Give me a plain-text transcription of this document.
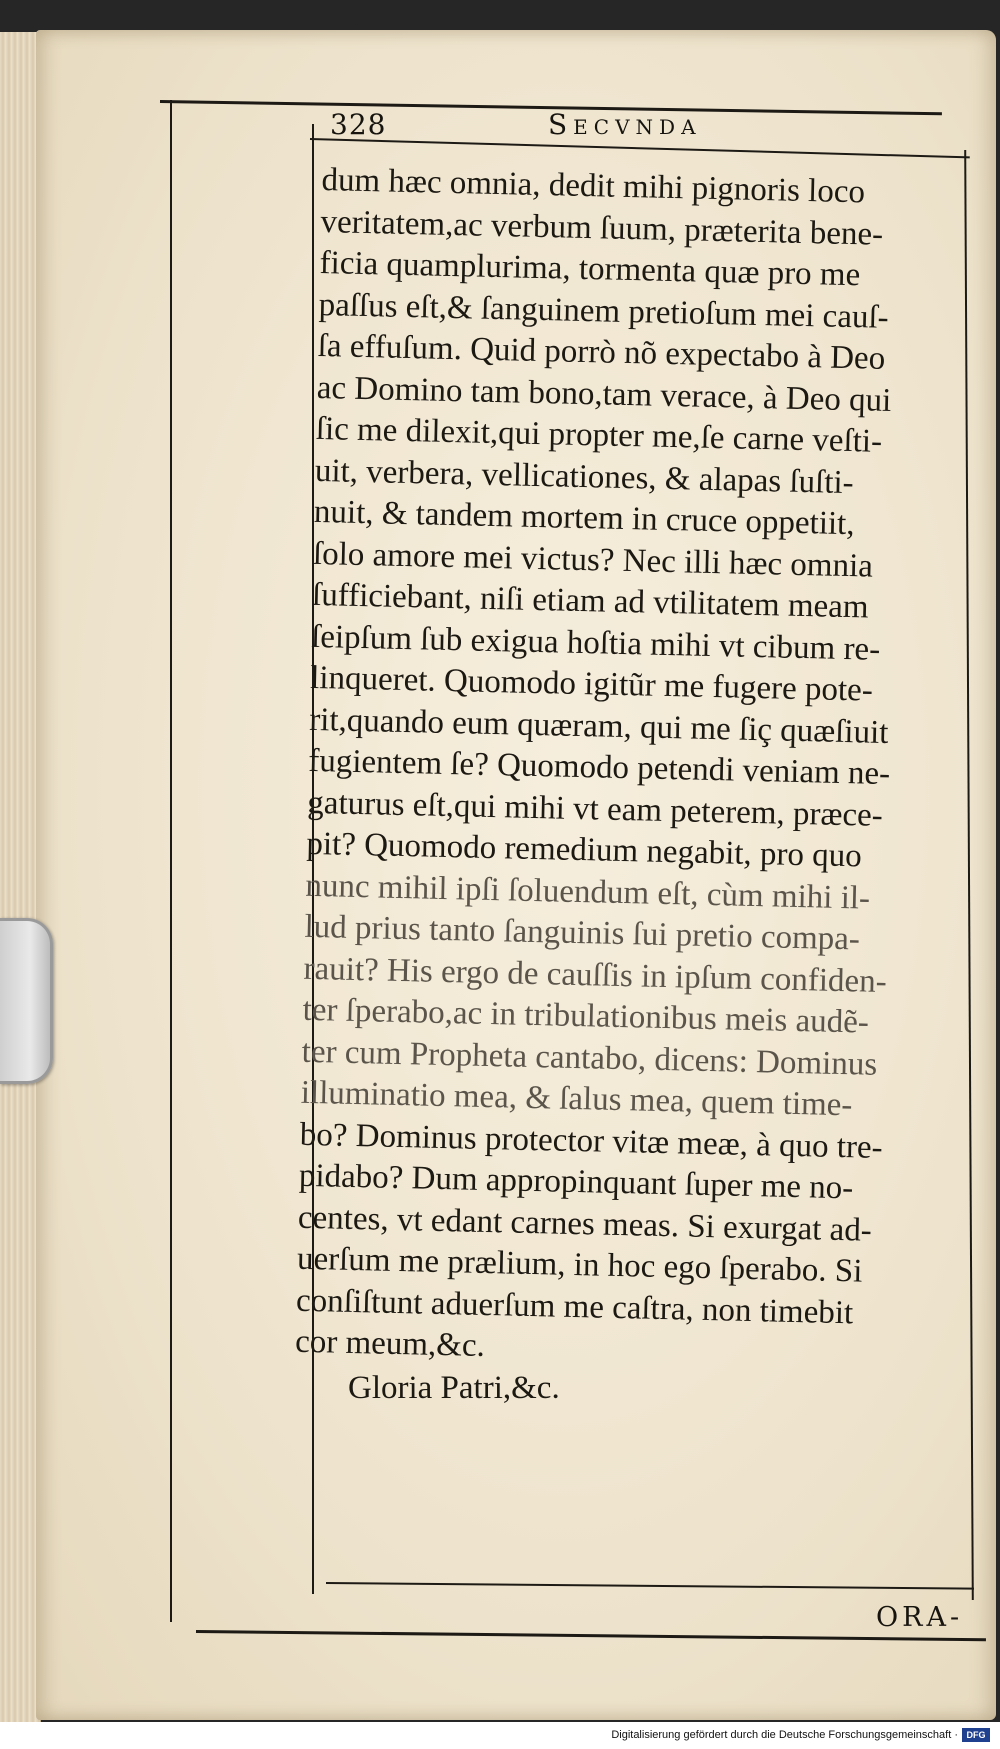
328	Secvnda
dum hæc omnia, dedit mihi pignoris loco
veritatem,ac verbum ſuum, præterita bene-
ficia quamplurima, tormenta quæ pro me
paſſus eſt,& ſanguinem pretioſum mei cauſ-
ſa effuſum. Quid porrò nõ expectabo à Deo
ac Domino tam bono,tam verace, à Deo qui
ſic me dilexit,qui propter me,ſe carne veſti-
uit, verbera, vellicationes, & alapas ſuſti-
nuit, & tandem mortem in cruce oppetiit,
ſolo amore mei victus? Nec illi hæc omnia
ſufficiebant, niſi etiam ad vtilitatem meam
ſeipſum ſub exigua hoſtia mihi vt cibum re-
linqueret. Quomodo igitũr me fugere pote-
rit,quando eum quæram, qui me ſiç quæſiuit
fugientem ſe? Quomodo petendi veniam ne-
gaturus eſt,qui mihi vt eam peterem, præce-
pit? Quomodo remedium negabit, pro quo
nunc mihil ipſi ſoluendum eſt, cùm mihi il-
lud prius tanto ſanguinis ſui pretio compa-
rauit? His ergo de cauſſis in ipſum confiden-
ter ſperabo,ac in tribulationibus meis audẽ-
ter cum Propheta cantabo, dicens: Dominus
illuminatio mea, & ſalus mea, quem time-
bo? Dominus protector vitæ meæ, à quo tre-
pidabo? Dum appropinquant ſuper me no-
centes, vt edant carnes meas. Si exurgat ad-
uerſum me prælium, in hoc ego ſperabo. Si
conſiſtunt aduerſum me caſtra, non timebit
cor meum,&c.
Gloria Patri,&c.
ORA-
Digitalisierung gefördert durch die Deutsche Forschungsgemeinschaft · DFG
